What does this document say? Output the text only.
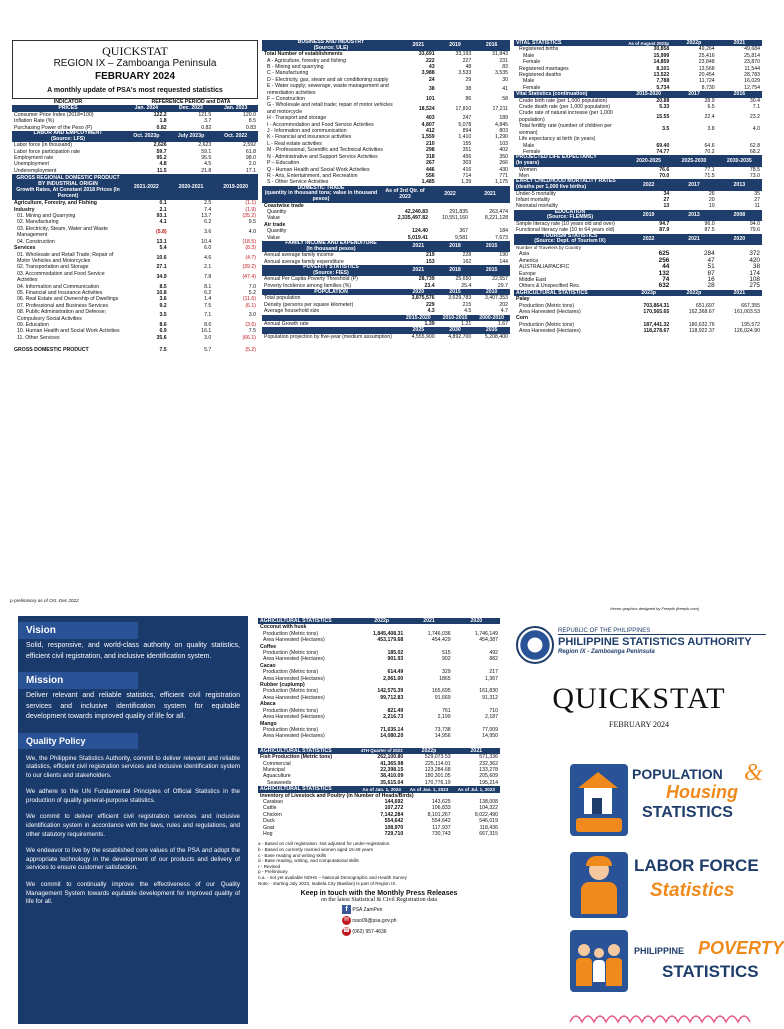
QUICKSTAT
REGION IX – Zamboanga Peninsula
FEBRUARY 2024
A monthly update of PSA's most requested statistics
INDICATOR	REFERENCE PERIOD and DATA		
PRICES	Jan. 2024	Dec. 2023	Jan. 2023
Consumer Price Index (2018=100)	122.2	121.5	120.0
Inflation Rate (%)	1.8	3.7	8.5
Purchasing Power of the Peso (P)	0.82	0.82	0.83
LABOR AND EMPLOYMENT
(Source: LFS)	Oct. 2023p	July 2023p	Oct. 2022
Labor force (in thousand)	2,626	2,623	2,592
Labor force participation rate	59.7	59.1	61.8
Employment rate	95.2	95.5	98.0
Unemployment	4.8	4.5	2.0
Underemployment	11.5	21.8	17.1
GROSS REGIONAL DOMESTIC PRODUCT BY INDUSTRIAL ORIGIN
Growth Rates, At Constant 2018 Prices (In Percent)	2021-2022	2020-2021	2019-2020
Agriculture, Forestry, and Fishing	0.1	2.5	(1.1)
Industry	2.1	7.4	(1.9)
01. Mining and Quarrying	93.1	13.7	(35.2)
02. Manufacturing	4.1	6.2	9.5
03. Electricity, Steam, Water and Waste Management	(5.8)	3.6	4.0
04. Construction	13.1	10.4	(18.5)
Services	5.4	6.0	(8.3)
01. Wholesale and Retail Trade; Repair of Motor Vehicles and Motorcycles	10.6	4.6	(4.7)
02. Transportation and Storage	27.1	2.1	(39.2)
03. Accommodation and Food Service Activities	34.9	7.8	(47.4)
04. Information and Communication	8.5	8.1	7.0
05. Financial and Insurance Activities	10.8	6.2	5.2
06. Real Estate and Ownership of Dwellings	3.6	1.4	(11.6)
07. Professional and Business Services	9.2	7.5	(6.1)
08. Public Administration and Defense; Compulsory Social Activities	3.5	7.1	3.0
09. Education	8.6	8.6	(3.6)
10. Human Health and Social Work Activities	6.9	16.1	7.5
11. Other Services	35.6	3.0	(66.1)

GROSS DOMESTIC PRODUCT	7.5	5.7	(5.2)
BUSINESS AND INDUSTRY
(Source: ULE)	2021	2019	2016
Total Number of establishments	33,691	33,193	31,843
A - Agriculture, forestry and fishing	222	227	231
B - Mining and quarrying	43	48	83
C - Manufacturing	3,988	3,533	3,535
D - Electricity, gas, steam and air conditioning supply	24	29	30
E - Water supply; sewerage, waste management and remediation activities	38	38	41
F – Construction	101	86	58
G - Wholesale and retail trade; repair of motor vehicles and motorcycle	18,524	17,810	17,211
H - Transport and storage	403	247	189
I - Accommodation and Food Service Activities	4,807	5,078	4,845
J - Information and communication	412	894	803
K - Financial and insurance activities	1,559	1,410	1,290
L - Real estate activities	210	155	103
M - Professional, Scientific and Technical Activities	298	351	402
N - Administrative and Support Service Activities	318	456	350
P – Education	267	303	266
Q - Human Health and Social Work Activities	446	416	430
R - Arts, Entertainment, and Recreation	556	714	771
S - Other Service Activities	1,485	1,39	1,175
DOMESTIC TRADE
(quantity in thousand tons; value in thousand pesos)	As of 3rd Qtr. of 2023	2022	2021
Coastwise trade			
Quantity	42,240.83	291,835	263,474
Value	2,335,497.82	10,551,160	8,221,128
Air trade			
Quantity	124.40	367	184
Value	5,019.41	9,581	7,673
FAMILY INCOME AND EXPENDITURE
(In thousand pesos)	2021	2018	2015
Annual average family income	219	228	190
Annual average family expenditure	153	162	144
POVERTY STATISTICS
(Source: FIES)	2021	2018	2015
Annual Per Capita Poverty Threshold (P)	28,739	25,650	22,557
Poverty Incidence among families (%)	23.4	25.4	29.7
POPULATION	2020	2015	2010
Total population	3,875,576	3,629,783	3,407,353
Density (persons per square kilometer)	229	215	202
Average household size	4.3	4.5	4.7
	2015-2020	2010-2015	2000-2010
Annual Growth rate	1.39	1.21	1.67
	2025	2030	2035
Population projection by five-year (medium assumption)	4,555,900	4,892,700	5,208,400
VITAL STATISTICS	As of August 2023p	2022p	2021
Registered births	30,858	49,264	49,684
Male	15,999	25,416	25,814
Female	14,859	23,848	23,870
Registered marriages	8,101	13,568	11,544
Registered deaths	13,522	20,454	28,783
Male	7,788	11,724	16,029
Female	5,734	8,730	12,754
Vital Statistics (continuation)	2015-2020	2017	2016
Crude birth rate (per 1,000 population)	20.88	28.9	30.4
Crude death rate (per 1,000 population)	5.33	6.5	7.1
Crude rate of natural increase (per 1,000 population)	15.55	22.4	23.2
Total fertility rate (number of children per woman)	3.5	3.8	4.0
Life expectancy at birth (in years)			
Male	69.40	64.6	62.8
Female	74.77	70.2	68.2
PROJECTED LIFE EXPECTANCY
(In years)	2020-2025	2025-2030	2030-2035
Women	76.6	77.1	78.5
Men	70.0	71.5	73.0
EARLY CHILDHOOD MORTALITY RATES (deaths per 1,000 live births)	2022	2017	2013
Under-5 mortality	34	26	35
Infant mortality	27	20	27
Neonatal mortality	13	10	11
EDUCATION
(Source: FLEMMS)	2019	2013	2008
Simple literacy rate (10 years old and over)	94.7	96.0	94.0
Functional literacy rate (10 to 64 years old)	87.9	87.5	79.6
TOURISM STATISTICS
(Source: Dept. of Tourism IX)	2022	2021	2020
Number of Travelers by Country			
Asia	625	284	372
America	256	47	420
AUSTRALIA/PACIFIC	44	51	38
Europe	132	87	174
Middle East	74	16	108
Others & Unspecified Res.	632	28	275
AGRICULTURAL STATISTICS	2023p	2022p	2021
Palay			
Production (Metric tons)	703,864.31	651,697	667,355
Area Harvested (Hectares)	170,565.65	162,368.67	161,003.53
Corn			
Production (Metric tons)	187,441.32	180,632.76	195,572
Area Harvested (Hectares)	118,278.67	118,922.37	126,024.90
p-preliminary as of Oct.-Dec 2022
Vision
Solid, responsive, and world-class authority on quality statistics, efficient civil registration, and inclusive identification system.
Mission
Deliver relevant and reliable statistics, efficient civil registration services and inclusive identification system for equitable development towards improved quality of life for all.
Quality Policy
We, the Philippine Statistics Authority, commit to deliver relevant and reliable statistics, efficient civil registration services and inclusive identification system to our clients and stakeholders.
We adhere to the UN Fundamental Principles of Official Statistics in the production of quality general-purpose statistics.
We commit to deliver efficient civil registration services and inclusive identification system in accordance with the laws, rules and regulations, and other statutory requirements.
We endeavor to live by the established core values of the PSA and adopt the appropriate technology in the development of our products and delivery of services to ensure customer satisfaction.
We commit to continually improve the effectiveness of our Quality Management System towards equitable development for improved quality of life for all.
AGRICULTURAL STATISTICS	2022p	2021	2020
Coconut with husk			
Production (Metric tons)	1,845,408.31	1,746,036	1,746,149
Area Harvested (Hectares)	453,179.68	454,429	454,387
Coffee			
Production (Metric tons)	185.02	515	492
Area Harvested (Hectares)	901.93	902	882
Cacao			
Production (Metric tons)	614.49	329	217
Area Harvested (Hectares)	2,061.00	1865	1,367
Rubber (cuplump)			
Production (Metric tons)	142,575.39	165,695	161,830
Area Harvested (Hectares)	99,712.83	91,669	91,312
Abaca			
Production (Metric tons)	821.49	761	710
Area Harvested (Hectares)	2,216.73	2,199	2,187
Mango			
Production (Metric tons)	71,635.14	73,738	77,009
Area Harvested (Hectares)	14,080.20	14,956	14,950
AGRICULTURAL STATISTICS	4TH Quarter of 2023	2022p	2021
Fish Production (Metric tons)	262,100.80	529,073.53	571,336
Commercial	41,365.98	225,114.01	232,362
Municipal	22,398.15	123,284.68	133,278
Aquaculture	38,410.09	180,301.05	205,609
Seaweeds	35,615.04	170,776.19	195,214
AGRICULTURAL STATISTICS	As of Jan. 1, 2024	As of Jan. 1, 2023	As of Jul. 1, 2023
Inventory of Livestock and Poultry (in Number of Heads/Birds)			
Carabao	144,692	143,625	138,008
Cattle	107,272	106,833	104,322
Chicken	7,142,284	8,101,267	8,022,490
Duck	554,642	554,642	546,019
Goat	108,970	117,937	118,436
Hog	729,710	730,743	667,315
a - Based on civil registration. Not adjusted for under-registration.
b - Based on currently married women aged 15-49 years
c - Base reading and writing skills
d - Base reading, writing, and computational skills
r - Revised
p - Preliminary
n.a. - not yet available NDHS – National Demographic and Health Survey
Note: - starting July 2023, Isabela City (Basilan) is part of Region IX.
Keep in touch with the Monthly Press Releases
on the latest Statistical & Civil Registration data
f PSA ZamPen
✉ rsso09@psa.gov.ph
☎ (062) 957-4636
Vector graphics designed by Freepik (freepik.com)
REPUBLIC OF THE PHILIPPINES
PHILIPPINE STATISTICS AUTHORITY
Region IX - Zamboanga Peninsula
QUICKSTAT
FEBRUARY 2024
POPULATION &
Housing
STATISTICS
LABOR FORCE
Statistics
PHILIPPINE POVERTY
STATISTICS
